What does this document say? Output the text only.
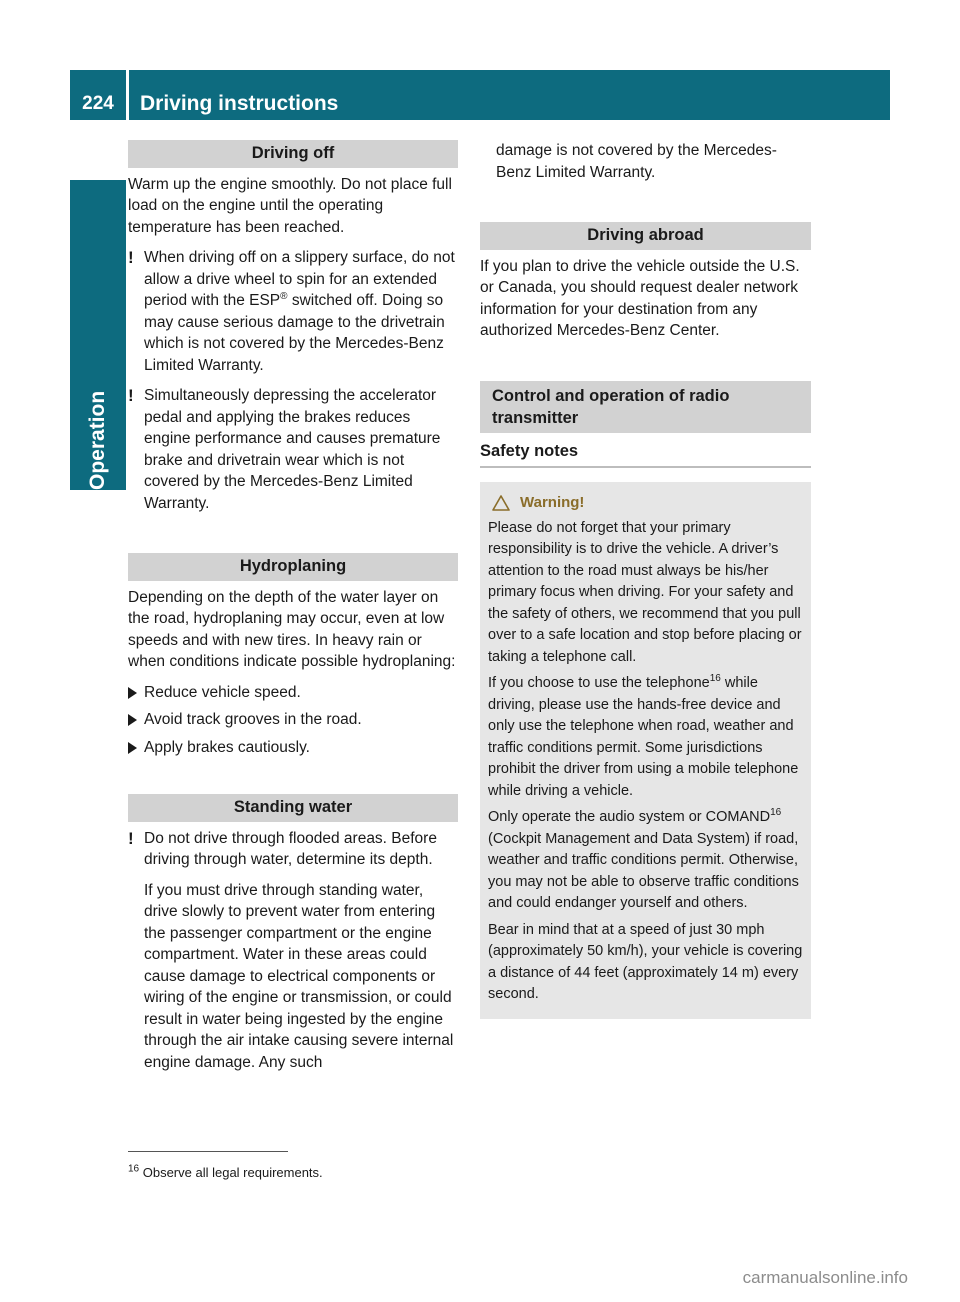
224	Driving instructions
Operation
Driving off

Warm up the engine smoothly. Do not place full load on the engine until the operating temperature has been reached.

! When driving off on a slippery surface, do not allow a drive wheel to spin for an extended period with the ESP® switched off. Doing so may cause serious damage to the drivetrain which is not covered by the Mercedes-Benz Limited Warranty.
! Simultaneously depressing the accelerator pedal and applying the brakes reduces engine performance and causes premature brake and drivetrain wear which is not covered by the Mercedes-Benz Limited Warranty.
Hydroplaning

Depending on the depth of the water layer on the road, hydroplaning may occur, even at low speeds and with new tires. In heavy rain or when conditions indicate possible hydroplaning:

Reduce vehicle speed.
Avoid track grooves in the road.
Apply brakes cautiously.
Standing water
! Do not drive through flooded areas. Before driving through water, determine its depth.

If you must drive through standing water, drive slowly to prevent water from entering the passenger compartment or the engine compartment. Water in these areas could cause damage to electrical components or wiring of the engine or transmission, or could result in water being ingested by the engine through the air intake causing severe internal engine damage. Any such

damage is not covered by the Mercedes-Benz Limited Warranty.

Driving abroad

If you plan to drive the vehicle outside the U.S. or Canada, you should request dealer network information for your destination from any authorized Mercedes-Benz Center.

Control and operation of radio transmitter
Safety notes
Warning!

Please do not forget that your primary responsibility is to drive the vehicle. A driver’s attention to the road must always be his/her primary focus when driving. For your safety and the safety of others, we recommend that you pull over to a safe location and stop before placing or taking a telephone call.

If you choose to use the telephone$^{16}$ while driving, please use the hands-free device and only use the telephone when road, weather and traffic conditions permit. Some jurisdictions prohibit the driver from using a mobile telephone while driving a vehicle.

Only operate the audio system or COMAND$^{16}$ (Cockpit Management and Data System) if road, weather and traffic conditions permit. Otherwise, you may not be able to observe traffic conditions and could endanger yourself and others.

Bear in mind that at a speed of just 30 mph (approximately 50 km/h), your vehicle is covering a distance of 44 feet (approximately 14 m) every second.

$^{16}$ Observe all legal requirements.
carmanualsonline.info
